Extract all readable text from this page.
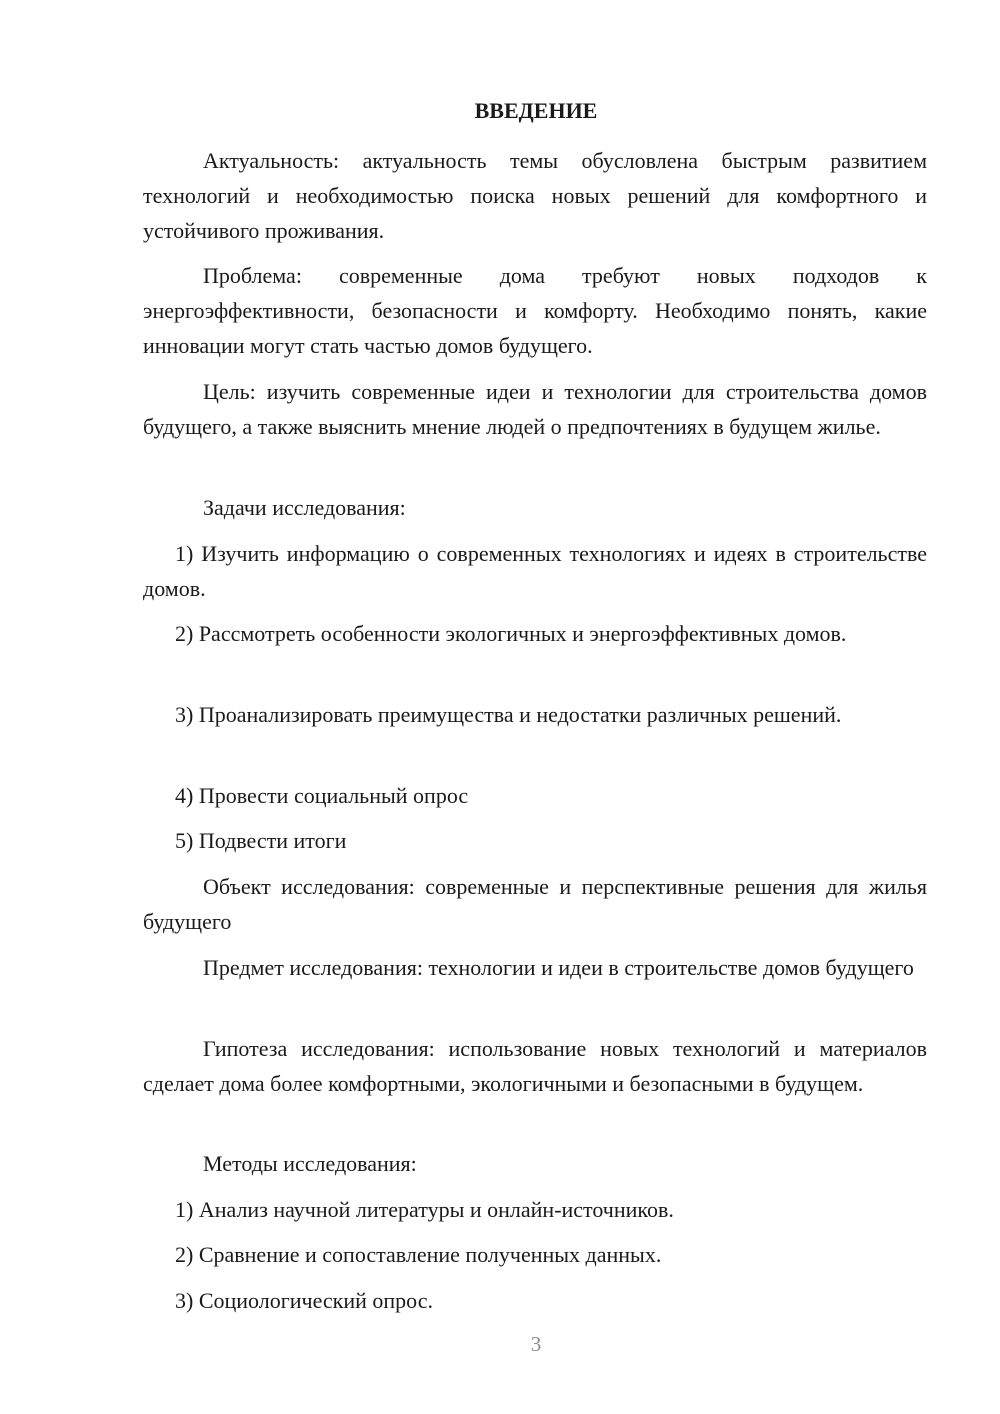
ВВЕДЕНИЕ

Актуальность: актуальность темы обусловлена быстрым развитием технологий и необходимостью поиска новых решений для комфортного и устойчивого проживания.

Проблема: современные дома требуют новых подходов к энергоэффективности, безопасности и комфорту. Необходимо понять, какие инновации могут стать частью домов будущего.

Цель: изучить современные идеи и технологии для строительства домов будущего, а также выяснить мнение людей о предпочтениях в будущем жилье.

Задачи исследования:

1) Изучить информацию о современных технологиях и идеях в строительстве домов.

2) Рассмотреть особенности экологичных и энергоэффективных домов.

3) Проанализировать преимущества и недостатки различных решений.

4) Провести социальный опрос

5) Подвести итоги

Объект исследования: современные и перспективные решения для жилья будущего

Предмет исследования: технологии и идеи в строительстве домов будущего

Гипотеза исследования: использование новых технологий и материалов сделает дома более комфортными, экологичными и безопасными в будущем.

Методы исследования:

1) Анализ научной литературы и онлайн-источников.

2) Сравнение и сопоставление полученных данных.

3) Социологический опрос.

3
